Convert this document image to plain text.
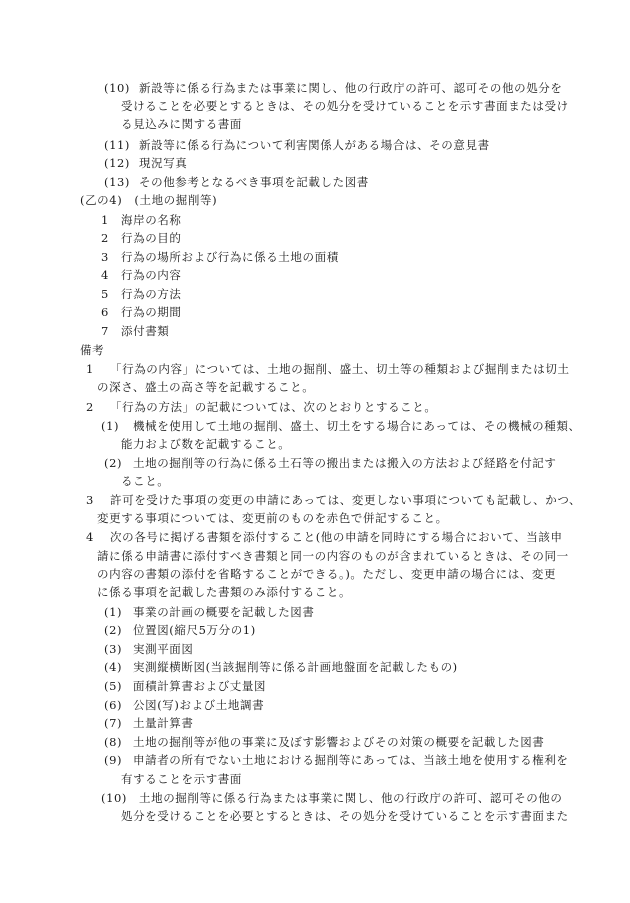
(10) 新設等に係る行為または事業に関し、他の行政庁の許可、認可その他の処分を
受けることを必要とするときは、その処分を受けていることを示す書面または受け
る見込みに関する書面
(11) 新設等に係る行為について利害関係人がある場合は、その意見書
(12) 現況写真
(13) その他参考となるべき事項を記載した図書
(乙の4)　(土地の掘削等)
1 海岸の名称
2 行為の目的
3 行為の場所および行為に係る土地の面積
4 行為の内容
5 行為の方法
6 行為の期間
7 添付書類
備考
1 「行為の内容」については、土地の掘削、盛土、切土等の種類および掘削または切土
の深さ、盛土の高さ等を記載すること。
2 「行為の方法」の記載については、次のとおりとすること。
(1) 機械を使用して土地の掘削、盛土、切土をする場合にあっては、その機械の種類、
能力および数を記載すること。
(2) 土地の掘削等の行為に係る土石等の搬出または搬入の方法および経路を付記す
ること。
3 許可を受けた事項の変更の申請にあっては、変更しない事項についても記載し、かつ、
変更する事項については、変更前のものを赤色で併記すること。
4 次の各号に掲げる書類を添付すること(他の申請を同時にする場合において、当該申
請に係る申請書に添付すべき書類と同一の内容のものが含まれているときは、その同一
の内容の書類の添付を省略することができる。)。ただし、変更申請の場合には、変更
に係る事項を記載した書類のみ添付すること。
(1) 事業の計画の概要を記載した図書
(2) 位置図(縮尺5万分の1)
(3) 実測平面図
(4) 実測縦横断図(当該掘削等に係る計画地盤面を記載したもの)
(5) 面積計算書および丈量図
(6) 公図(写)および土地調書
(7) 土量計算書
(8) 土地の掘削等が他の事業に及ぼす影響およびその対策の概要を記載した図書
(9) 申請者の所有でない土地における掘削等にあっては、当該土地を使用する権利を
有することを示す書面
(10) 土地の掘削等に係る行為または事業に関し、他の行政庁の許可、認可その他の
処分を受けることを必要とするときは、その処分を受けていることを示す書面また
